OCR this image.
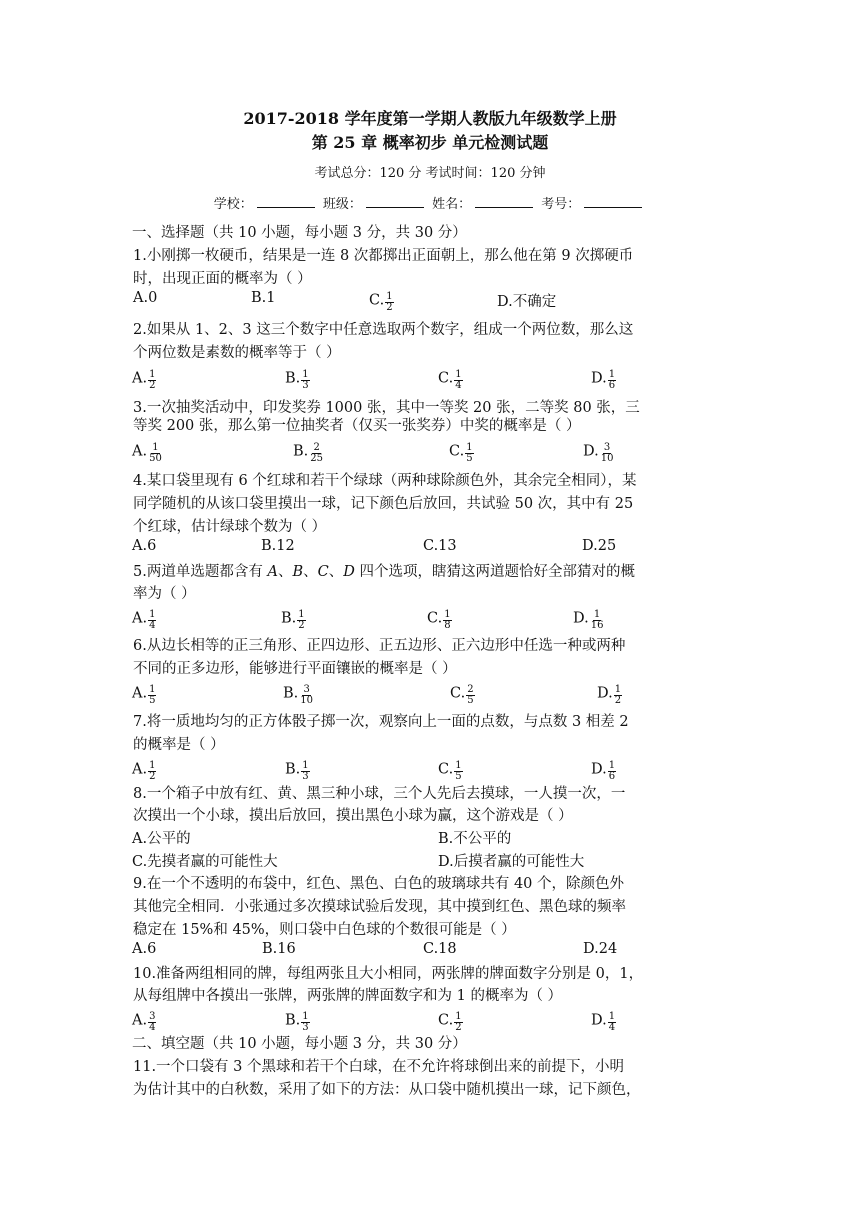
2017-2018 学年度第一学期人教版九年级数学上册
第 25 章 概率初步 单元检测试题
考试总分：120 分 考试时间：120 分钟
学校：	班级：	姓名：	考号：
一、选择题（共 10 小题，每小题 3 分，共 30 分）
1.小刚掷一枚硬币，结果是一连 8 次都掷出正面朝上，那么他在第 9 次掷硬币
时，出现正面的概率为（ ）
A.0	B.1	C. $\frac{1}{2}$	D.不确定
2.如果从 1、2、3 这三个数字中任意选取两个数字，组成一个两位数，那么这
个两位数是素数的概率等于（ ）
A. $\frac{1}{2}$	B. $\frac{1}{3}$	C. $\frac{1}{4}$	D. $\frac{1}{6}$
3.一次抽奖活动中，印发奖券 1000 张，其中一等奖 20 张，二等奖 80 张，三
等奖 200 张，那么第一位抽奖者（仅买一张奖券）中奖的概率是（ ）
A. $\frac{1}{50}$	B. $\frac{2}{25}$	C. $\frac{1}{5}$	D. $\frac{3}{10}$
4.某口袋里现有 6 个红球和若干个绿球（两种球除颜色外，其余完全相同），某
同学随机的从该口袋里摸出一球，记下颜色后放回，共试验 50 次，其中有 25
个红球，估计绿球个数为（ ）
A.6	B.12	C.13	D.25
5.两道单选题都含有 A、B、C、D 四个选项，瞎猜这两道题恰好全部猜对的概
率为（ ）
A. $\frac{1}{4}$	B. $\frac{1}{2}$	C. $\frac{1}{8}$	D. $\frac{1}{16}$
6.从边长相等的正三角形、正四边形、正五边形、正六边形中任选一种或两种
不同的正多边形，能够进行平面镶嵌的概率是（ ）
A. $\frac{1}{5}$	B. $\frac{3}{10}$	C. $\frac{2}{5}$	D. $\frac{1}{2}$
7.将一质地均匀的正方体骰子掷一次，观察向上一面的点数，与点数 3 相差 2
的概率是（ ）
A. $\frac{1}{2}$	B. $\frac{1}{3}$	C. $\frac{1}{5}$	D. $\frac{1}{6}$
8.一个箱子中放有红、黄、黑三种小球，三个人先后去摸球，一人摸一次，一
次摸出一个小球，摸出后放回，摸出黑色小球为赢，这个游戏是（ ）
A.公平的	B.不公平的
C.先摸者赢的可能性大	D.后摸者赢的可能性大
9.在一个不透明的布袋中，红色、黑色、白色的玻璃球共有 40 个，除颜色外
其他完全相同．小张通过多次摸球试验后发现，其中摸到红色、黑色球的频率
稳定在 15%和 45%，则口袋中白色球的个数很可能是（ ）
A.6	B.16	C.18	D.24
10.准备两组相同的牌，每组两张且大小相同，两张牌的牌面数字分别是 0，1，
从每组牌中各摸出一张牌，两张牌的牌面数字和为 1 的概率为（ ）
A. $\frac{3}{4}$	B. $\frac{1}{3}$	C. $\frac{1}{2}$	D. $\frac{1}{4}$
二、填空题（共 10 小题，每小题 3 分，共 30 分）
11.一个口袋有 3 个黑球和若干个白球，在不允许将球倒出来的前提下，小明
为估计其中的白秋数，采用了如下的方法：从口袋中随机摸出一球，记下颜色，
